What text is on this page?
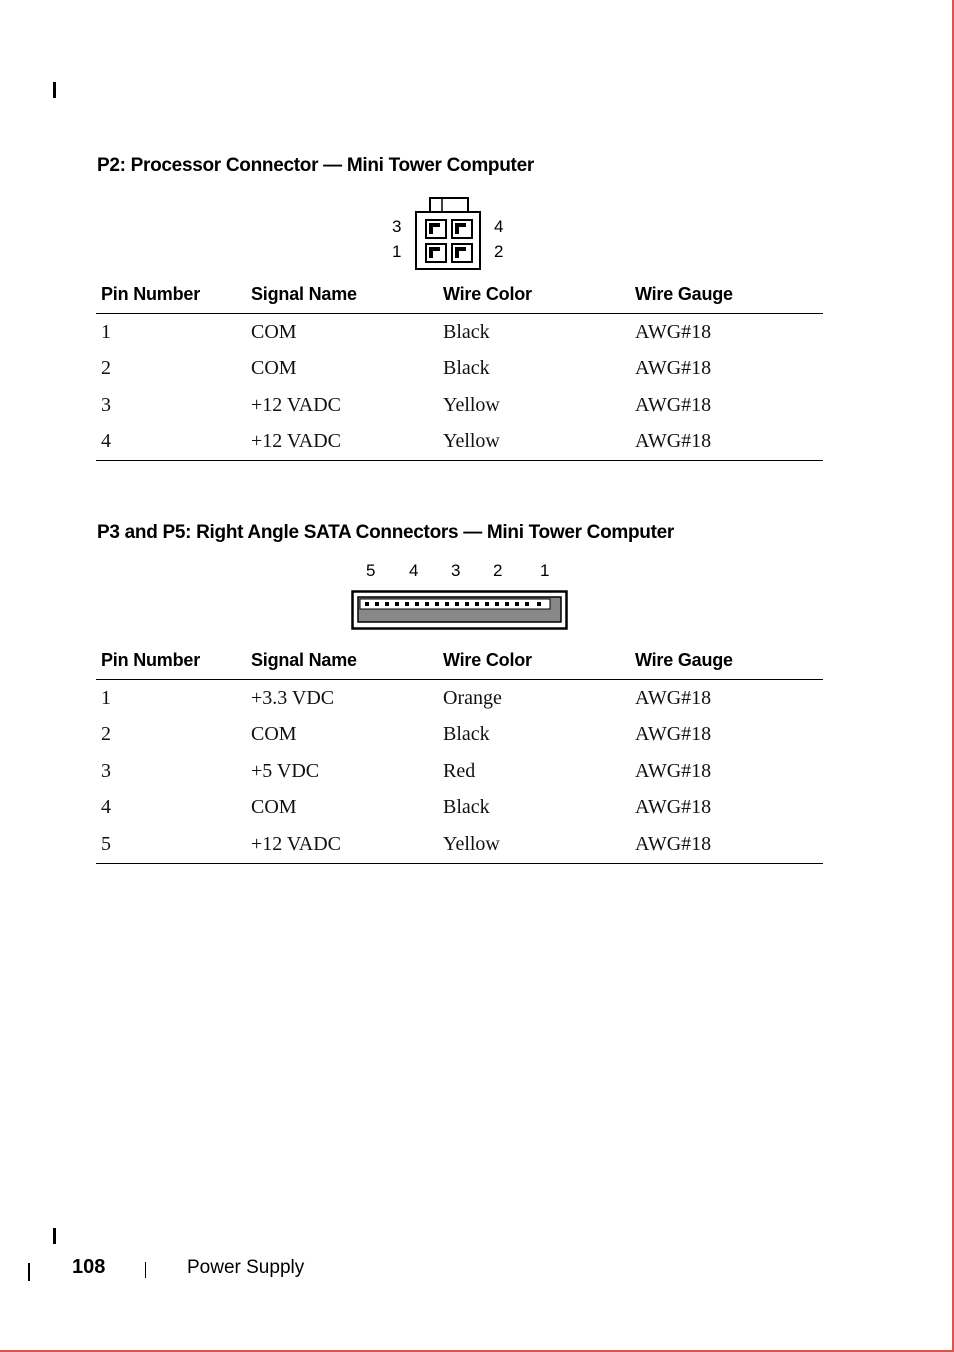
P2: Processor Connector — Mini Tower Computer
3
1
4
2
Pin Number	Signal Name	Wire Color	Wire Gauge
1	COM	Black	AWG#18
2	COM	Black	AWG#18
3	+12 VADC	Yellow	AWG#18
4	+12 VADC	Yellow	AWG#18
P3 and P5: Right Angle SATA Connectors — Mini Tower Computer
5 4 3 2 1
Pin Number	Signal Name	Wire Color	Wire Gauge
1	+3.3 VDC	Orange	AWG#18
2	COM	Black	AWG#18
3	+5 VDC	Red	AWG#18
4	COM	Black	AWG#18
5	+12 VADC	Yellow	AWG#18
108	Power Supply
